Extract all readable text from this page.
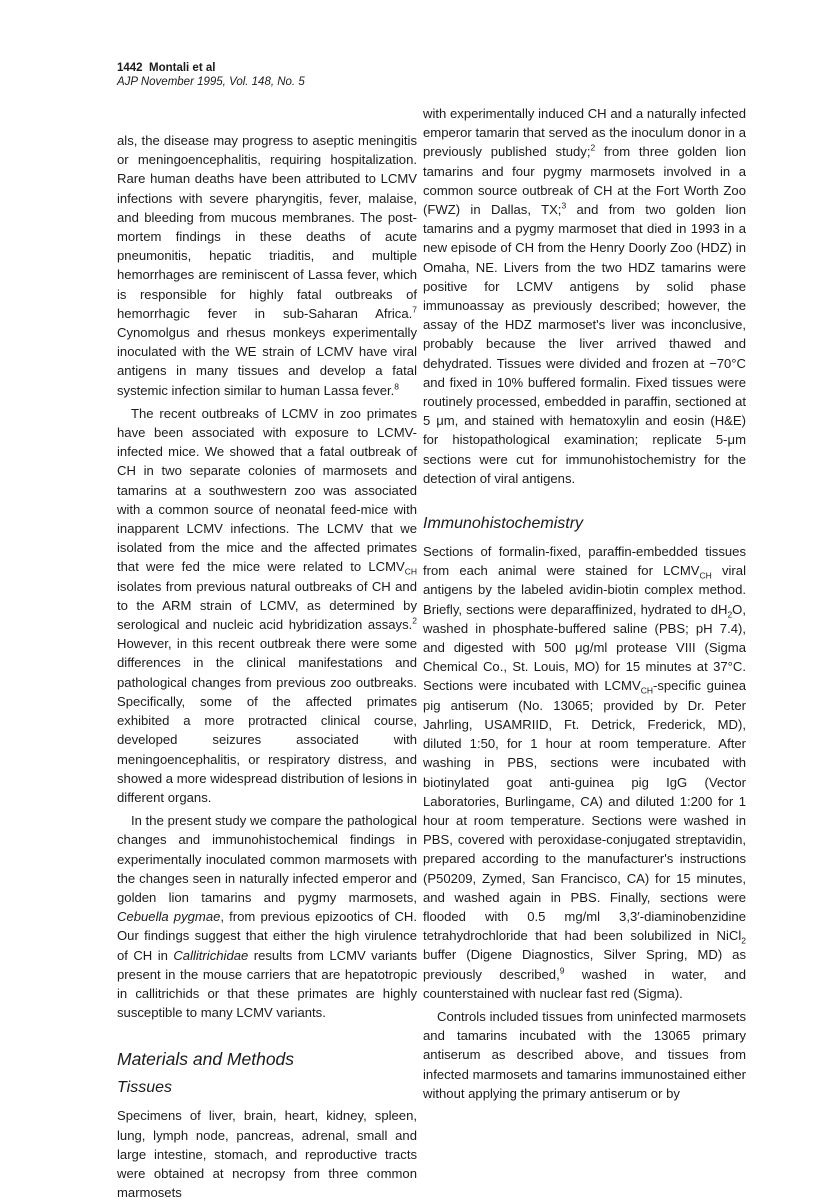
1442 Montali et al
AJP November 1995, Vol. 148, No. 5

als, the disease may progress to aseptic meningitis or meningoencephalitis, requiring hospitalization. Rare human deaths have been attributed to LCMV infections with severe pharyngitis, fever, malaise, and bleeding from mucous membranes. The post-mortem findings in these deaths of acute pneumonitis, hepatic triaditis, and multiple hemorrhages are reminiscent of Lassa fever, which is responsible for highly fatal outbreaks of hemorrhagic fever in sub-Saharan Africa.$^7$ Cynomolgus and rhesus monkeys experimentally inoculated with the WE strain of LCMV have viral antigens in many tissues and develop a fatal systemic infection similar to human Lassa fever.$^8$

The recent outbreaks of LCMV in zoo primates have been associated with exposure to LCMV-infected mice. We showed that a fatal outbreak of CH in two separate colonies of marmosets and tamarins at a southwestern zoo was associated with a common source of neonatal feed-mice with inapparent LCMV infections. The LCMV that we isolated from the mice and the affected primates that were fed the mice were related to $LCMV_{CH}$ isolates from previous natural outbreaks of CH and to the ARM strain of LCMV, as determined by serological and nucleic acid hybridization assays.$^2$ However, in this recent outbreak there were some differences in the clinical manifestations and pathological changes from previous zoo outbreaks. Specifically, some of the affected primates exhibited a more protracted clinical course, developed seizures associated with meningoencephalitis, or respiratory distress, and showed a more widespread distribution of lesions in different organs.

In the present study we compare the pathological changes and immunohistochemical findings in experimentally inoculated common marmosets with the changes seen in naturally infected emperor and golden lion tamarins and pygmy marmosets, Cebuella pygmae, from previous epizootics of CH. Our findings suggest that either the high virulence of CH in Callitrichidae results from LCMV variants present in the mouse carriers that are hepatotropic in callitrichids or that these primates are highly susceptible to many LCMV variants.

Materials and Methods
Tissues

Specimens of liver, brain, heart, kidney, spleen, lung, lymph node, pancreas, adrenal, small and large intestine, stomach, and reproductive tracts were obtained at necropsy from three common marmosets

with experimentally induced CH and a naturally infected emperor tamarin that served as the inoculum donor in a previously published study;$^2$ from three golden lion tamarins and four pygmy marmosets involved in a common source outbreak of CH at the Fort Worth Zoo (FWZ) in Dallas, TX;$^3$ and from two golden lion tamarins and a pygmy marmoset that died in 1993 in a new episode of CH from the Henry Doorly Zoo (HDZ) in Omaha, NE. Livers from the two HDZ tamarins were positive for LCMV antigens by solid phase immunoassay as previously described; however, the assay of the HDZ marmoset's liver was inconclusive, probably because the liver arrived thawed and dehydrated. Tissues were divided and frozen at −70°C and fixed in 10% buffered formalin. Fixed tissues were routinely processed, embedded in paraffin, sectioned at 5 μm, and stained with hematoxylin and eosin (H&E) for histopathological examination; replicate 5-μm sections were cut for immunohistochemistry for the detection of viral antigens.

Immunohistochemistry

Sections of formalin-fixed, paraffin-embedded tissues from each animal were stained for $LCMV_{CH}$ viral antigens by the labeled avidin-biotin complex method. Briefly, sections were deparaffinized, hydrated to $dH_2O$, washed in phosphate-buffered saline (PBS; pH 7.4), and digested with 500 μg/ml protease VIII (Sigma Chemical Co., St. Louis, MO) for 15 minutes at 37°C. Sections were incubated with $LCMV_{CH}$-specific guinea pig antiserum (No. 13065; provided by Dr. Peter Jahrling, USAMRIID, Ft. Detrick, Frederick, MD), diluted 1:50, for 1 hour at room temperature. After washing in PBS, sections were incubated with biotinylated goat anti-guinea pig IgG (Vector Laboratories, Burlingame, CA) and diluted 1:200 for 1 hour at room temperature. Sections were washed in PBS, covered with peroxidase-conjugated streptavidin, prepared according to the manufacturer's instructions (P50209, Zymed, San Francisco, CA) for 15 minutes, and washed again in PBS. Finally, sections were flooded with 0.5 mg/ml 3,3′-diaminobenzidine tetrahydrochloride that had been solubilized in NiCl$_2$ buffer (Digene Diagnostics, Silver Spring, MD) as previously described,$^9$ washed in water, and counterstained with nuclear fast red (Sigma).

Controls included tissues from uninfected marmosets and tamarins incubated with the 13065 primary antiserum as described above, and tissues from infected marmosets and tamarins immunostained either without applying the primary antiserum or by
